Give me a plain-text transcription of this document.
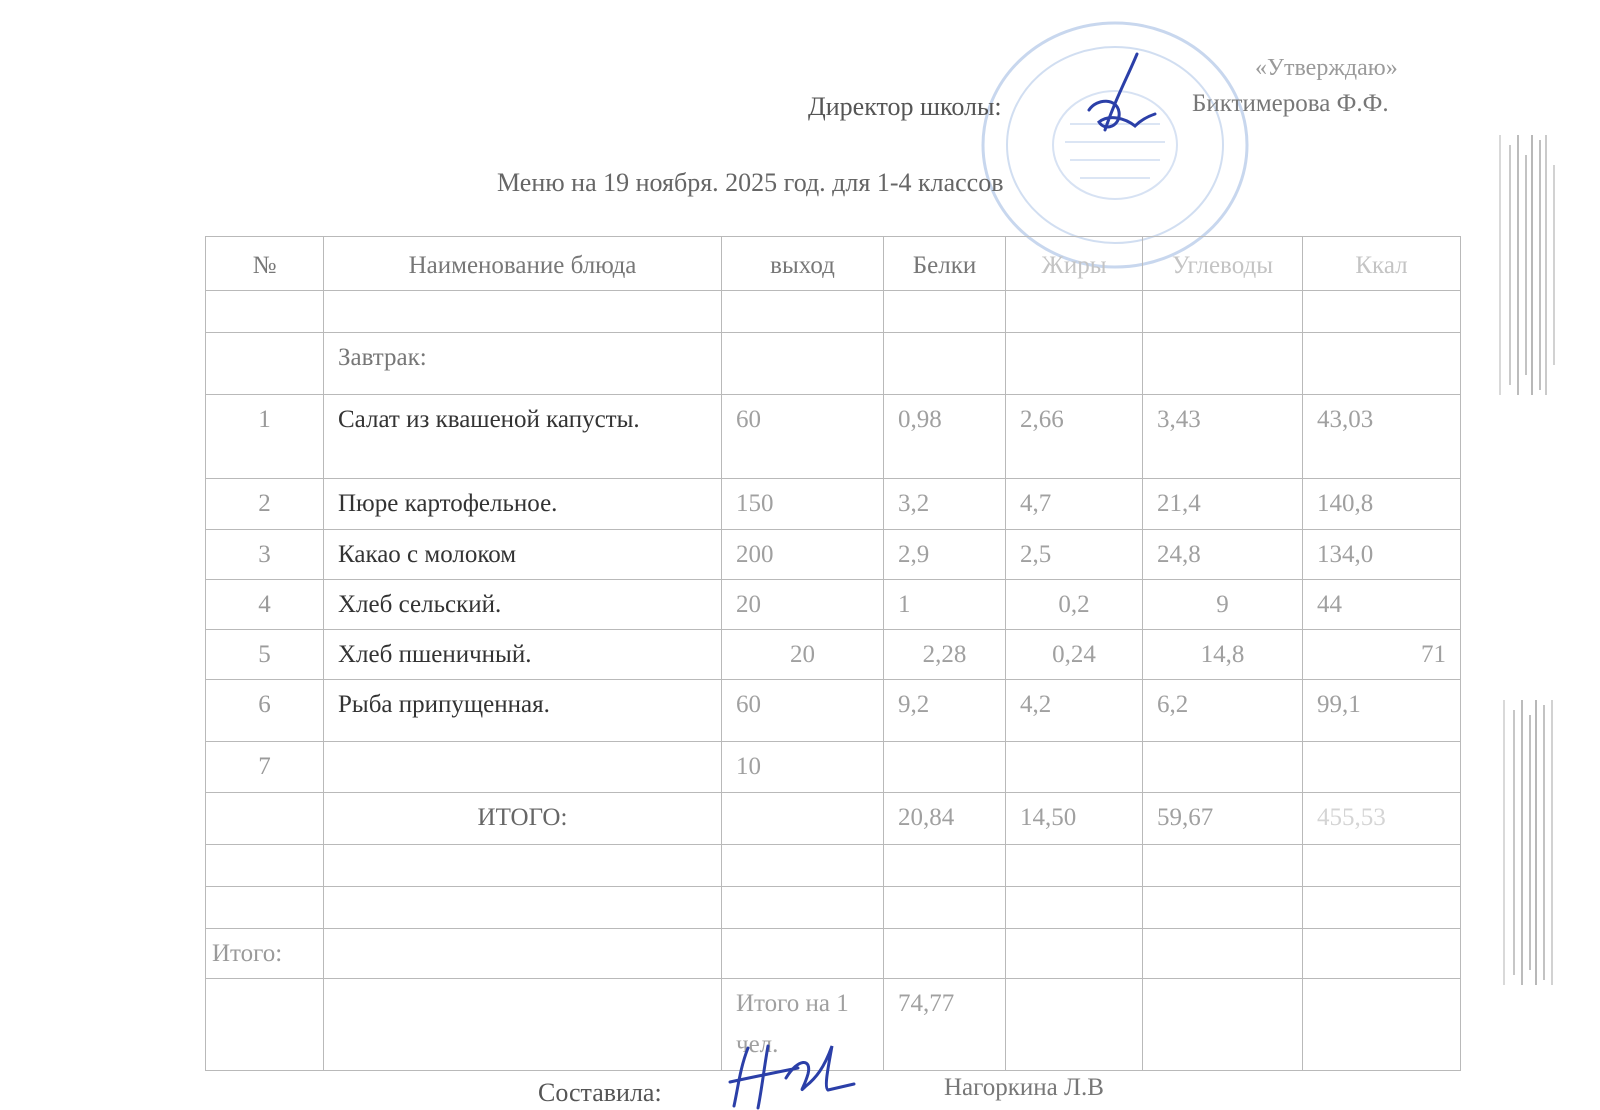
«Утверждаю»
Директор школы:	Биктимерова Ф.Ф.
Меню на 19 ноября. 2025 год. для 1-4 классов
№	Наименование блюда	выход	Белки	Жиры	Углеводы	Ккал

	Завтрак:					
1	Салат из квашеной капусты.	60	0,98	2,66	3,43	43,03
2	Пюре картофельное.	150	3,2	4,7	21,4	140,8
3	Какао с молоком	200	2,9	2,5	24,8	134,0
4	Хлеб сельский.	20	1	0,2	9	44
5	Хлеб пшеничный.	20	2,28	0,24	14,8	71
6	Рыба припущенная.	60	9,2	4,2	6,2	99,1
7		10				
	ИТОГО:		20,84	14,50	59,67	455,53

Итого:						
		Итого на 1 чел.	74,77			
Составила:	Нагоркина Л.В
